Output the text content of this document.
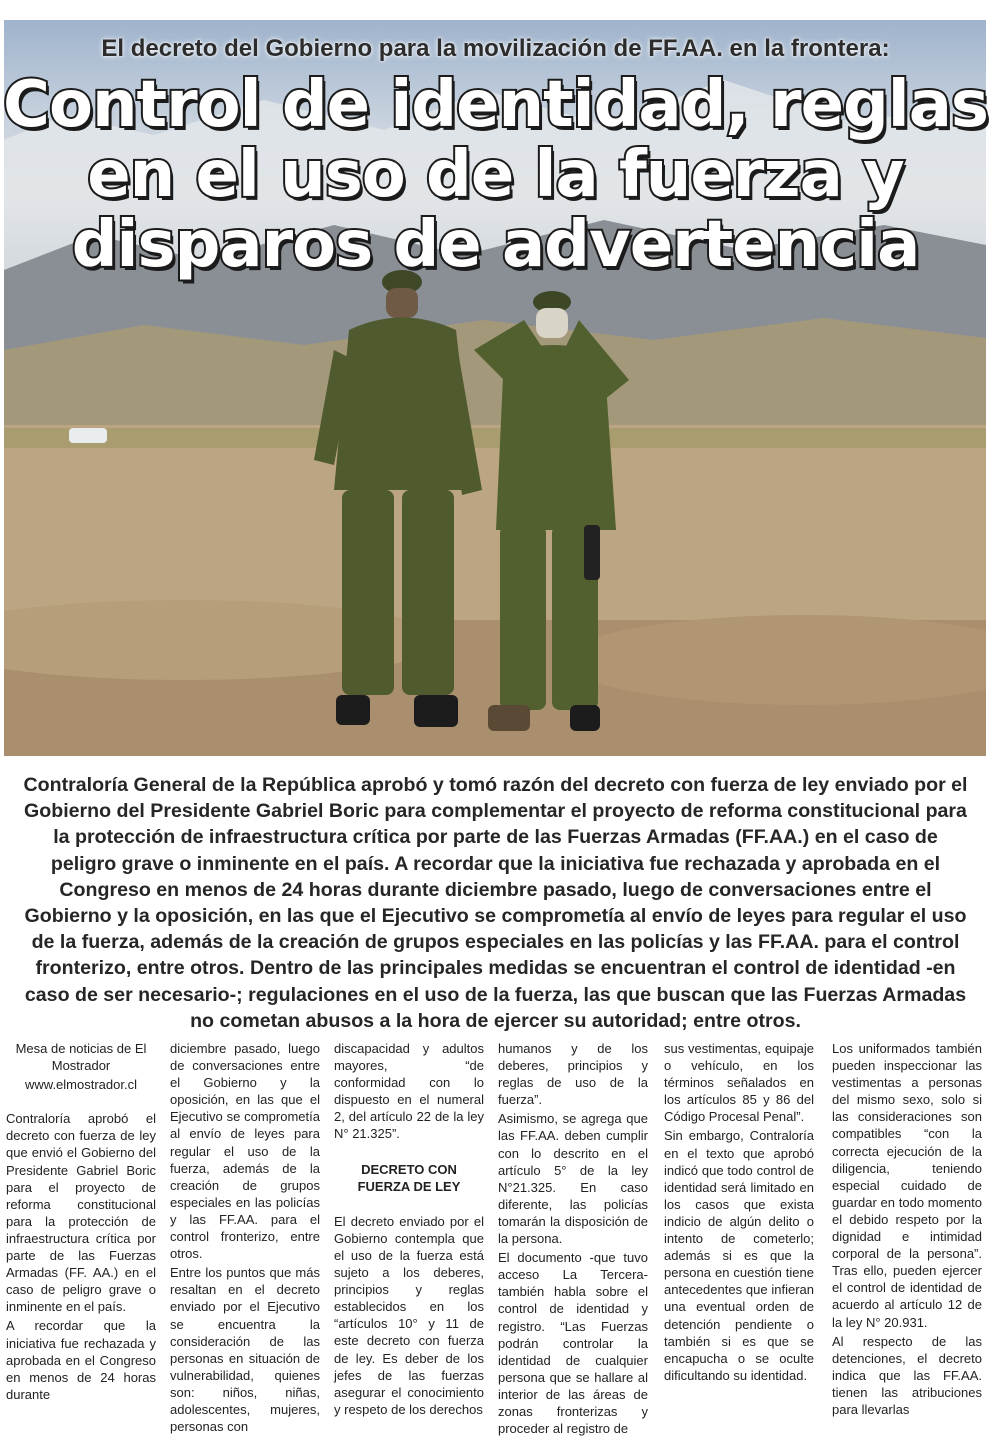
El decreto del Gobierno para la movilización de FF.AA. en la frontera:
Control de identidad, reglas
en el uso de la fuerza y
disparos de advertencia
Contraloría General de la República aprobó y tomó razón del decreto con fuerza de ley enviado por el Gobierno del Presidente Gabriel Boric para complementar el proyecto de reforma constitucional para la protección de infraestructura crítica por parte de las Fuerzas Armadas (FF.AA.) en el caso de peligro grave o inminente en el país. A recordar que la iniciativa fue rechazada y aprobada en el Congreso en menos de 24 horas durante diciembre pasado, luego de conversaciones entre el Gobierno y la oposición, en las que el Ejecutivo se comprometía al envío de leyes para regular el uso de la fuerza, además de la creación de grupos especiales en las policías y las FF.AA. para el control fronterizo, entre otros. Dentro de las principales medidas se encuentran el control de identidad -en caso de ser necesario-; regulaciones en el uso de la fuerza, las que buscan que las Fuerzas Armadas no cometan abusos a la hora de ejercer su autoridad; entre otros.

Mesa de noticias de El Mostrador

www.elmostrador.cl

Contraloría aprobó el decreto con fuerza de ley que envió el Gobierno del Presidente Gabriel Boric para el proyecto de reforma constitucional para la protección de infraestructura crítica por parte de las Fuerzas Armadas (FF. AA.) en el caso de peligro grave o inminente en el país.

A recordar que la iniciativa fue rechazada y aprobada en el Congreso en menos de 24 horas durante

diciembre pasado, luego de conversaciones entre el Gobierno y la oposición, en las que el Ejecutivo se comprometía al envío de leyes para regular el uso de la fuerza, además de la creación de grupos especiales en las policías y las FF.AA. para el control fronterizo, entre otros.

Entre los puntos que más resaltan en el decreto enviado por el Ejecutivo se encuentra la consideración de las personas en situación de vulnerabilidad, quienes son: niños, niñas, adolescentes, mujeres, personas con

discapacidad y adultos mayores, “de conformidad con lo dispuesto en el numeral 2, del artículo 22 de la ley N° 21.325”.

DECRETO CON FUERZA DE LEY

El decreto enviado por el Gobierno contempla que el uso de la fuerza está sujeto a los deberes, principios y reglas establecidos en los “artículos 10° y 11 de este decreto con fuerza de ley. Es deber de los jefes de las fuerzas asegurar el conocimiento y respeto de los derechos

humanos y de los deberes, principios y reglas de uso de la fuerza”.

Asimismo, se agrega que las FF.AA. deben cumplir con lo descrito en el artículo 5° de la ley N°21.325. En caso diferente, las policías tomarán la disposición de la persona.

El documento -que tuvo acceso La Tercera- también habla sobre el control de identidad y registro. “Las Fuerzas podrán controlar la identidad de cualquier persona que se hallare al interior de las áreas de zonas fronterizas y proceder al registro de

sus vestimentas, equipaje o vehículo, en los términos señalados en los artículos 85 y 86 del Código Procesal Penal”.

Sin embargo, Contraloría en el texto que aprobó indicó que todo control de identidad será limitado en los casos que exista indicio de algún delito o intento de cometerlo; además si es que la persona en cuestión tiene antecedentes que infieran una eventual orden de detención pendiente o también si es que se encapucha o se oculte dificultando su identidad.

Los uniformados también pueden inspeccionar las vestimentas a personas del mismo sexo, solo si las consideraciones son compatibles “con la correcta ejecución de la diligencia, teniendo especial cuidado de guardar en todo momento el debido respeto por la dignidad e intimidad corporal de la persona”. Tras ello, pueden ejercer el control de identidad de acuerdo al artículo 12 de la ley N° 20.931.

Al respecto de las detenciones, el decreto indica que las FF.AA. tienen las atribuciones para llevarlas
